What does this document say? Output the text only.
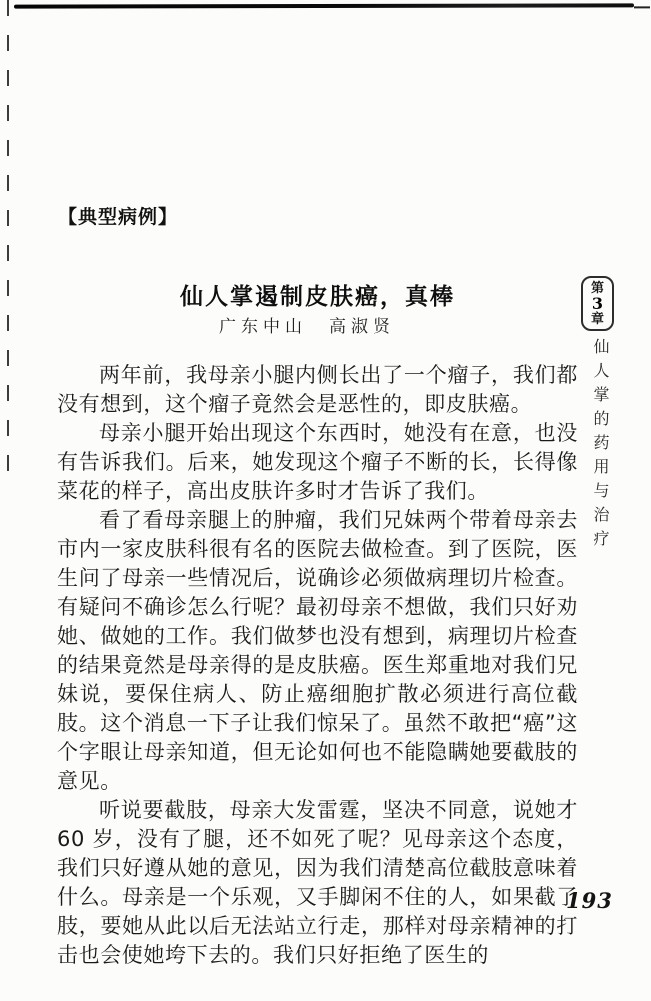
【典型病例】
仙人掌遏制皮肤癌，真棒
广东中山　高淑贤

两年前，我母亲小腿内侧长出了一个瘤子，我们都没有想到，这个瘤子竟然会是恶性的，即皮肤癌。

母亲小腿开始出现这个东西时，她没有在意，也没有告诉我们。后来，她发现这个瘤子不断的长，长得像菜花的样子，高出皮肤许多时才告诉了我们。

看了看母亲腿上的肿瘤，我们兄妹两个带着母亲去市内一家皮肤科很有名的医院去做检查。到了医院，医生问了母亲一些情况后，说确诊必须做病理切片检查。有疑问不确诊怎么行呢？最初母亲不想做，我们只好劝她、做她的工作。我们做梦也没有想到，病理切片检查的结果竟然是母亲得的是皮肤癌。医生郑重地对我们兄妹说，要保住病人、防止癌细胞扩散必须进行高位截肢。这个消息一下子让我们惊呆了。虽然不敢把“癌”这个字眼让母亲知道，但无论如何也不能隐瞒她要截肢的意见。

听说要截肢，母亲大发雷霆，坚决不同意，说她才 60 岁，没有了腿，还不如死了呢？见母亲这个态度，我们只好遵从她的意见，因为我们清楚高位截肢意味着什么。母亲是一个乐观，又手脚闲不住的人，如果截了肢，要她从此以后无法站立行走，那样对母亲精神的打击也会使她垮下去的。我们只好拒绝了医生的

第
3
章
仙人掌的药用与治疗
193
